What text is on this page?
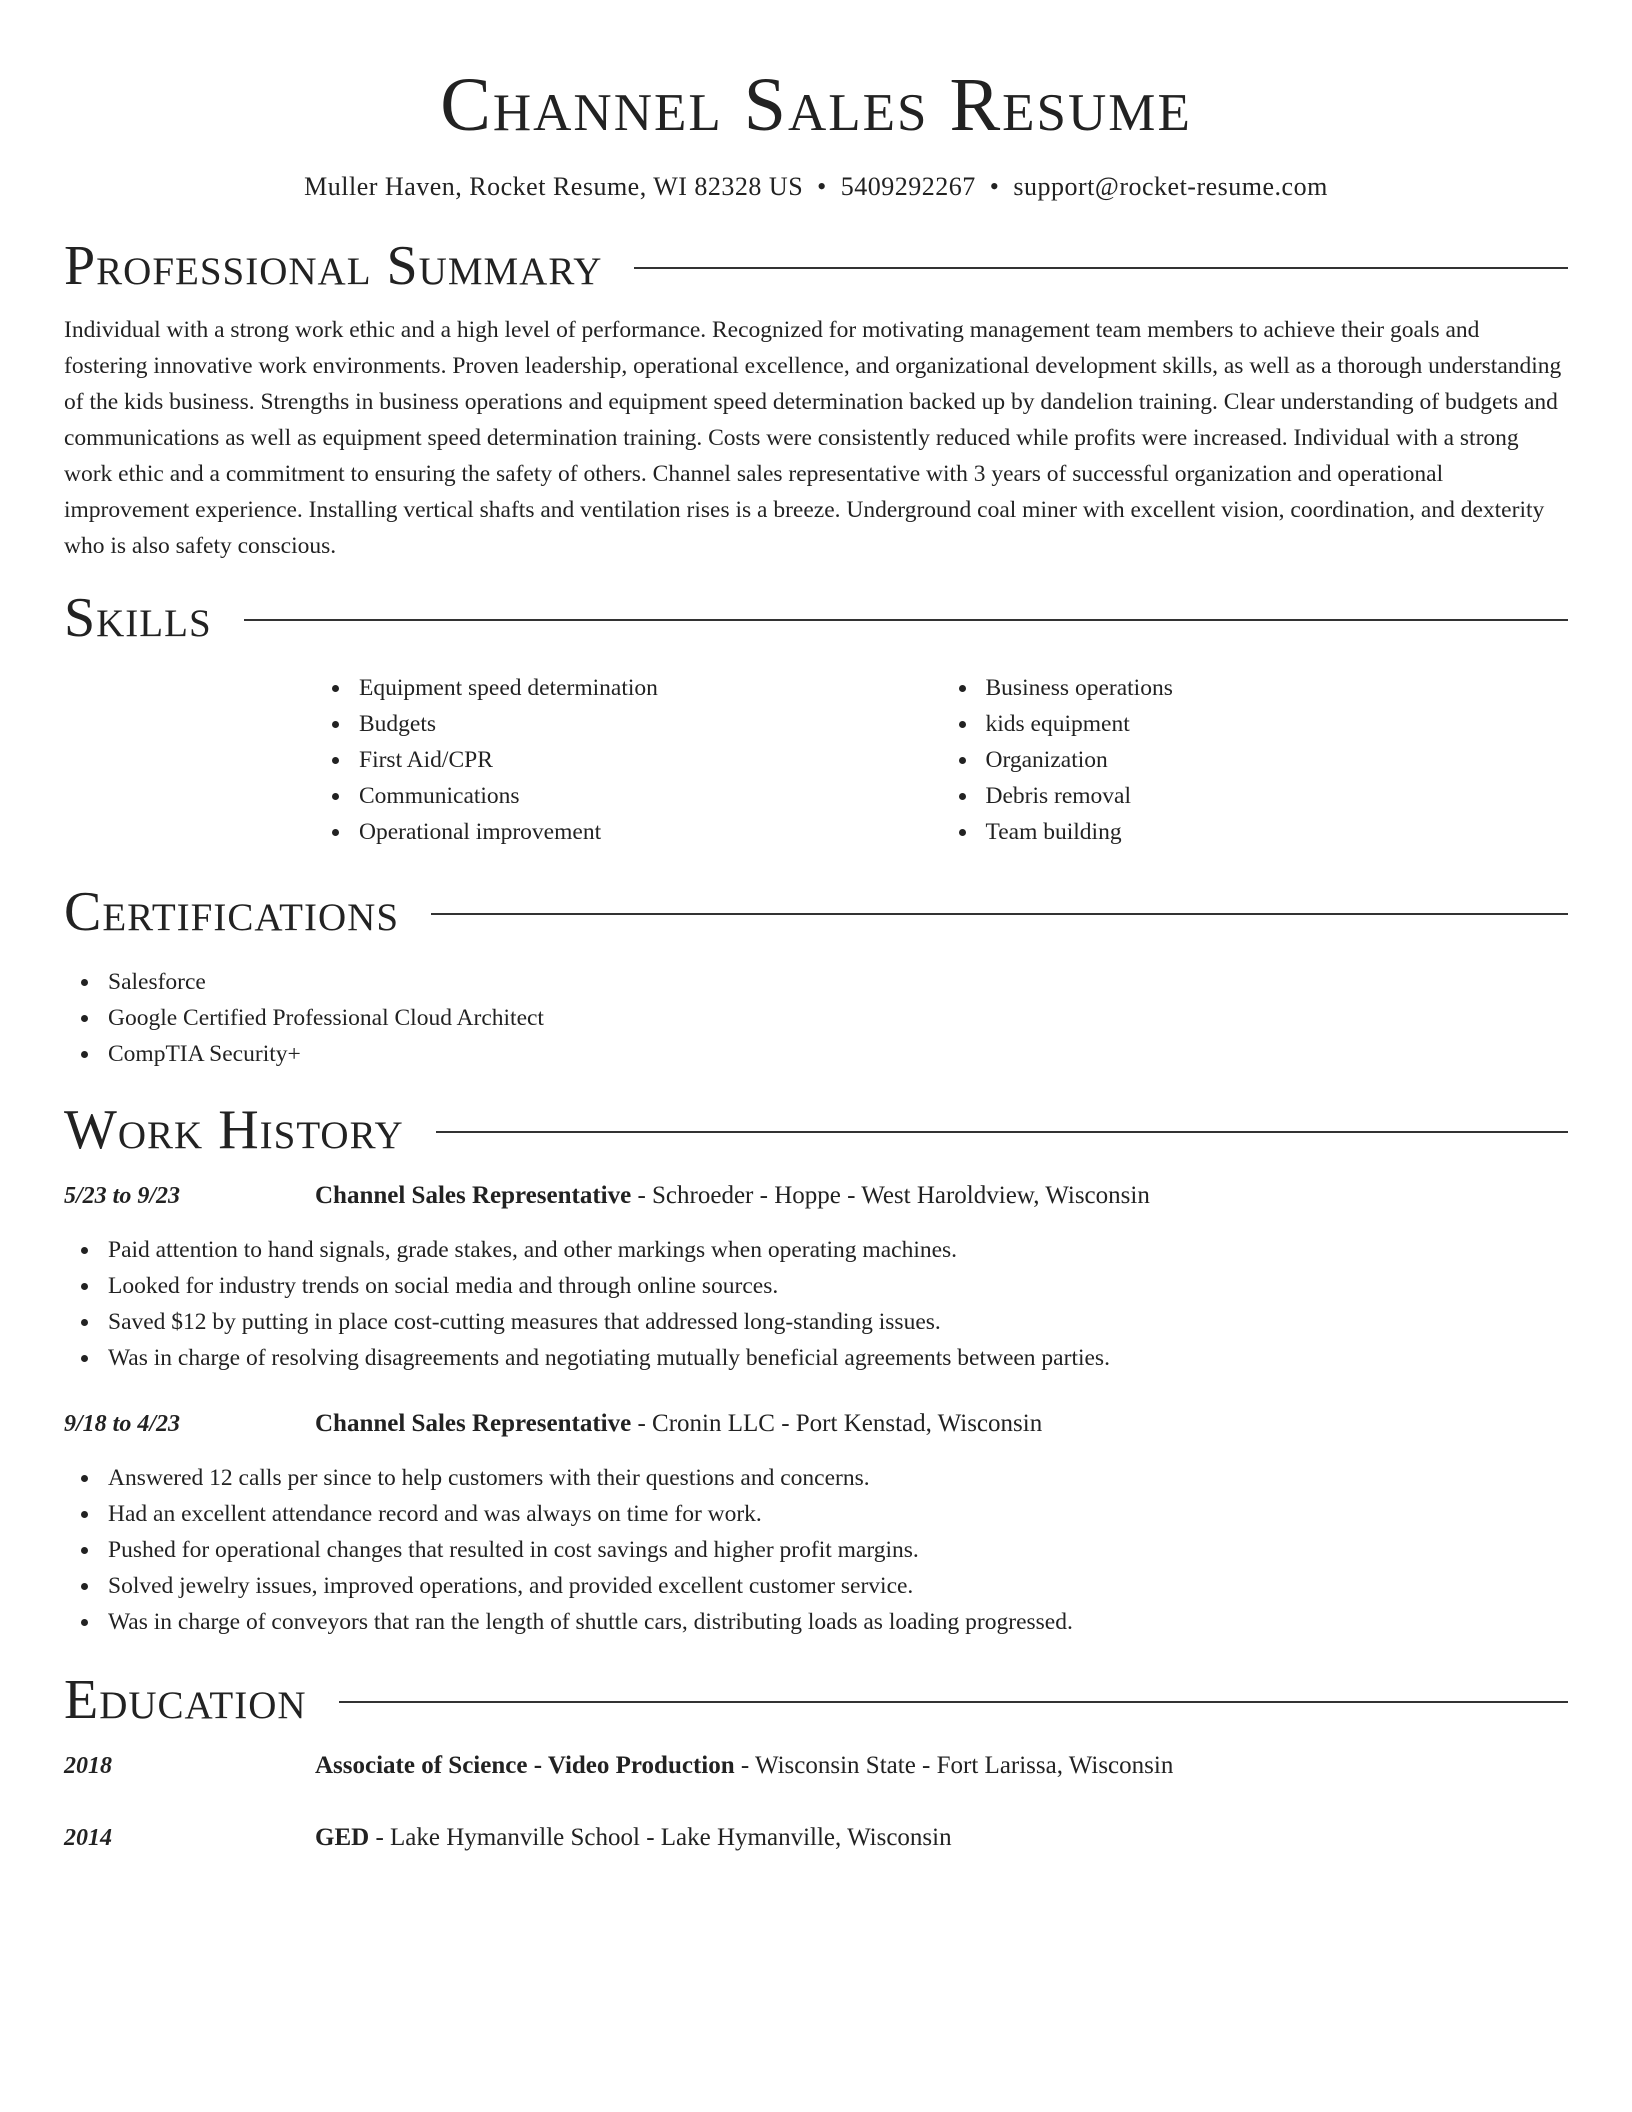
Channel Sales Resume
Muller Haven, Rocket Resume, WI 82328 US • 5409292267 • support@rocket-resume.com
Professional Summary

Individual with a strong work ethic and a high level of performance. Recognized for motivating management team members to achieve their goals and fostering innovative work environments. Proven leadership, operational excellence, and organizational development skills, as well as a thorough understanding of the kids business. Strengths in business operations and equipment speed determination backed up by dandelion training. Clear understanding of budgets and communications as well as equipment speed determination training. Costs were consistently reduced while profits were increased. Individual with a strong work ethic and a commitment to ensuring the safety of others. Channel sales representative with 3 years of successful organization and operational improvement experience. Installing vertical shafts and ventilation rises is a breeze. Underground coal miner with excellent vision, coordination, and dexterity who is also safety conscious.

Skills
Equipment speed determination
Budgets
First Aid/CPR
Communications
Operational improvement
Business operations
kids equipment
Organization
Debris removal
Team building
Certifications
Salesforce
Google Certified Professional Cloud Architect
CompTIA Security+
Work History
5/23 to 9/23	Channel Sales Representative - Schroeder - Hoppe - West Haroldview, Wisconsin
Paid attention to hand signals, grade stakes, and other markings when operating machines.
Looked for industry trends on social media and through online sources.
Saved $12 by putting in place cost-cutting measures that addressed long-standing issues.
Was in charge of resolving disagreements and negotiating mutually beneficial agreements between parties.
9/18 to 4/23	Channel Sales Representative - Cronin LLC - Port Kenstad, Wisconsin
Answered 12 calls per since to help customers with their questions and concerns.
Had an excellent attendance record and was always on time for work.
Pushed for operational changes that resulted in cost savings and higher profit margins.
Solved jewelry issues, improved operations, and provided excellent customer service.
Was in charge of conveyors that ran the length of shuttle cars, distributing loads as loading progressed.
Education
2018	Associate of Science - Video Production - Wisconsin State - Fort Larissa, Wisconsin
2014	GED - Lake Hymanville School - Lake Hymanville, Wisconsin
